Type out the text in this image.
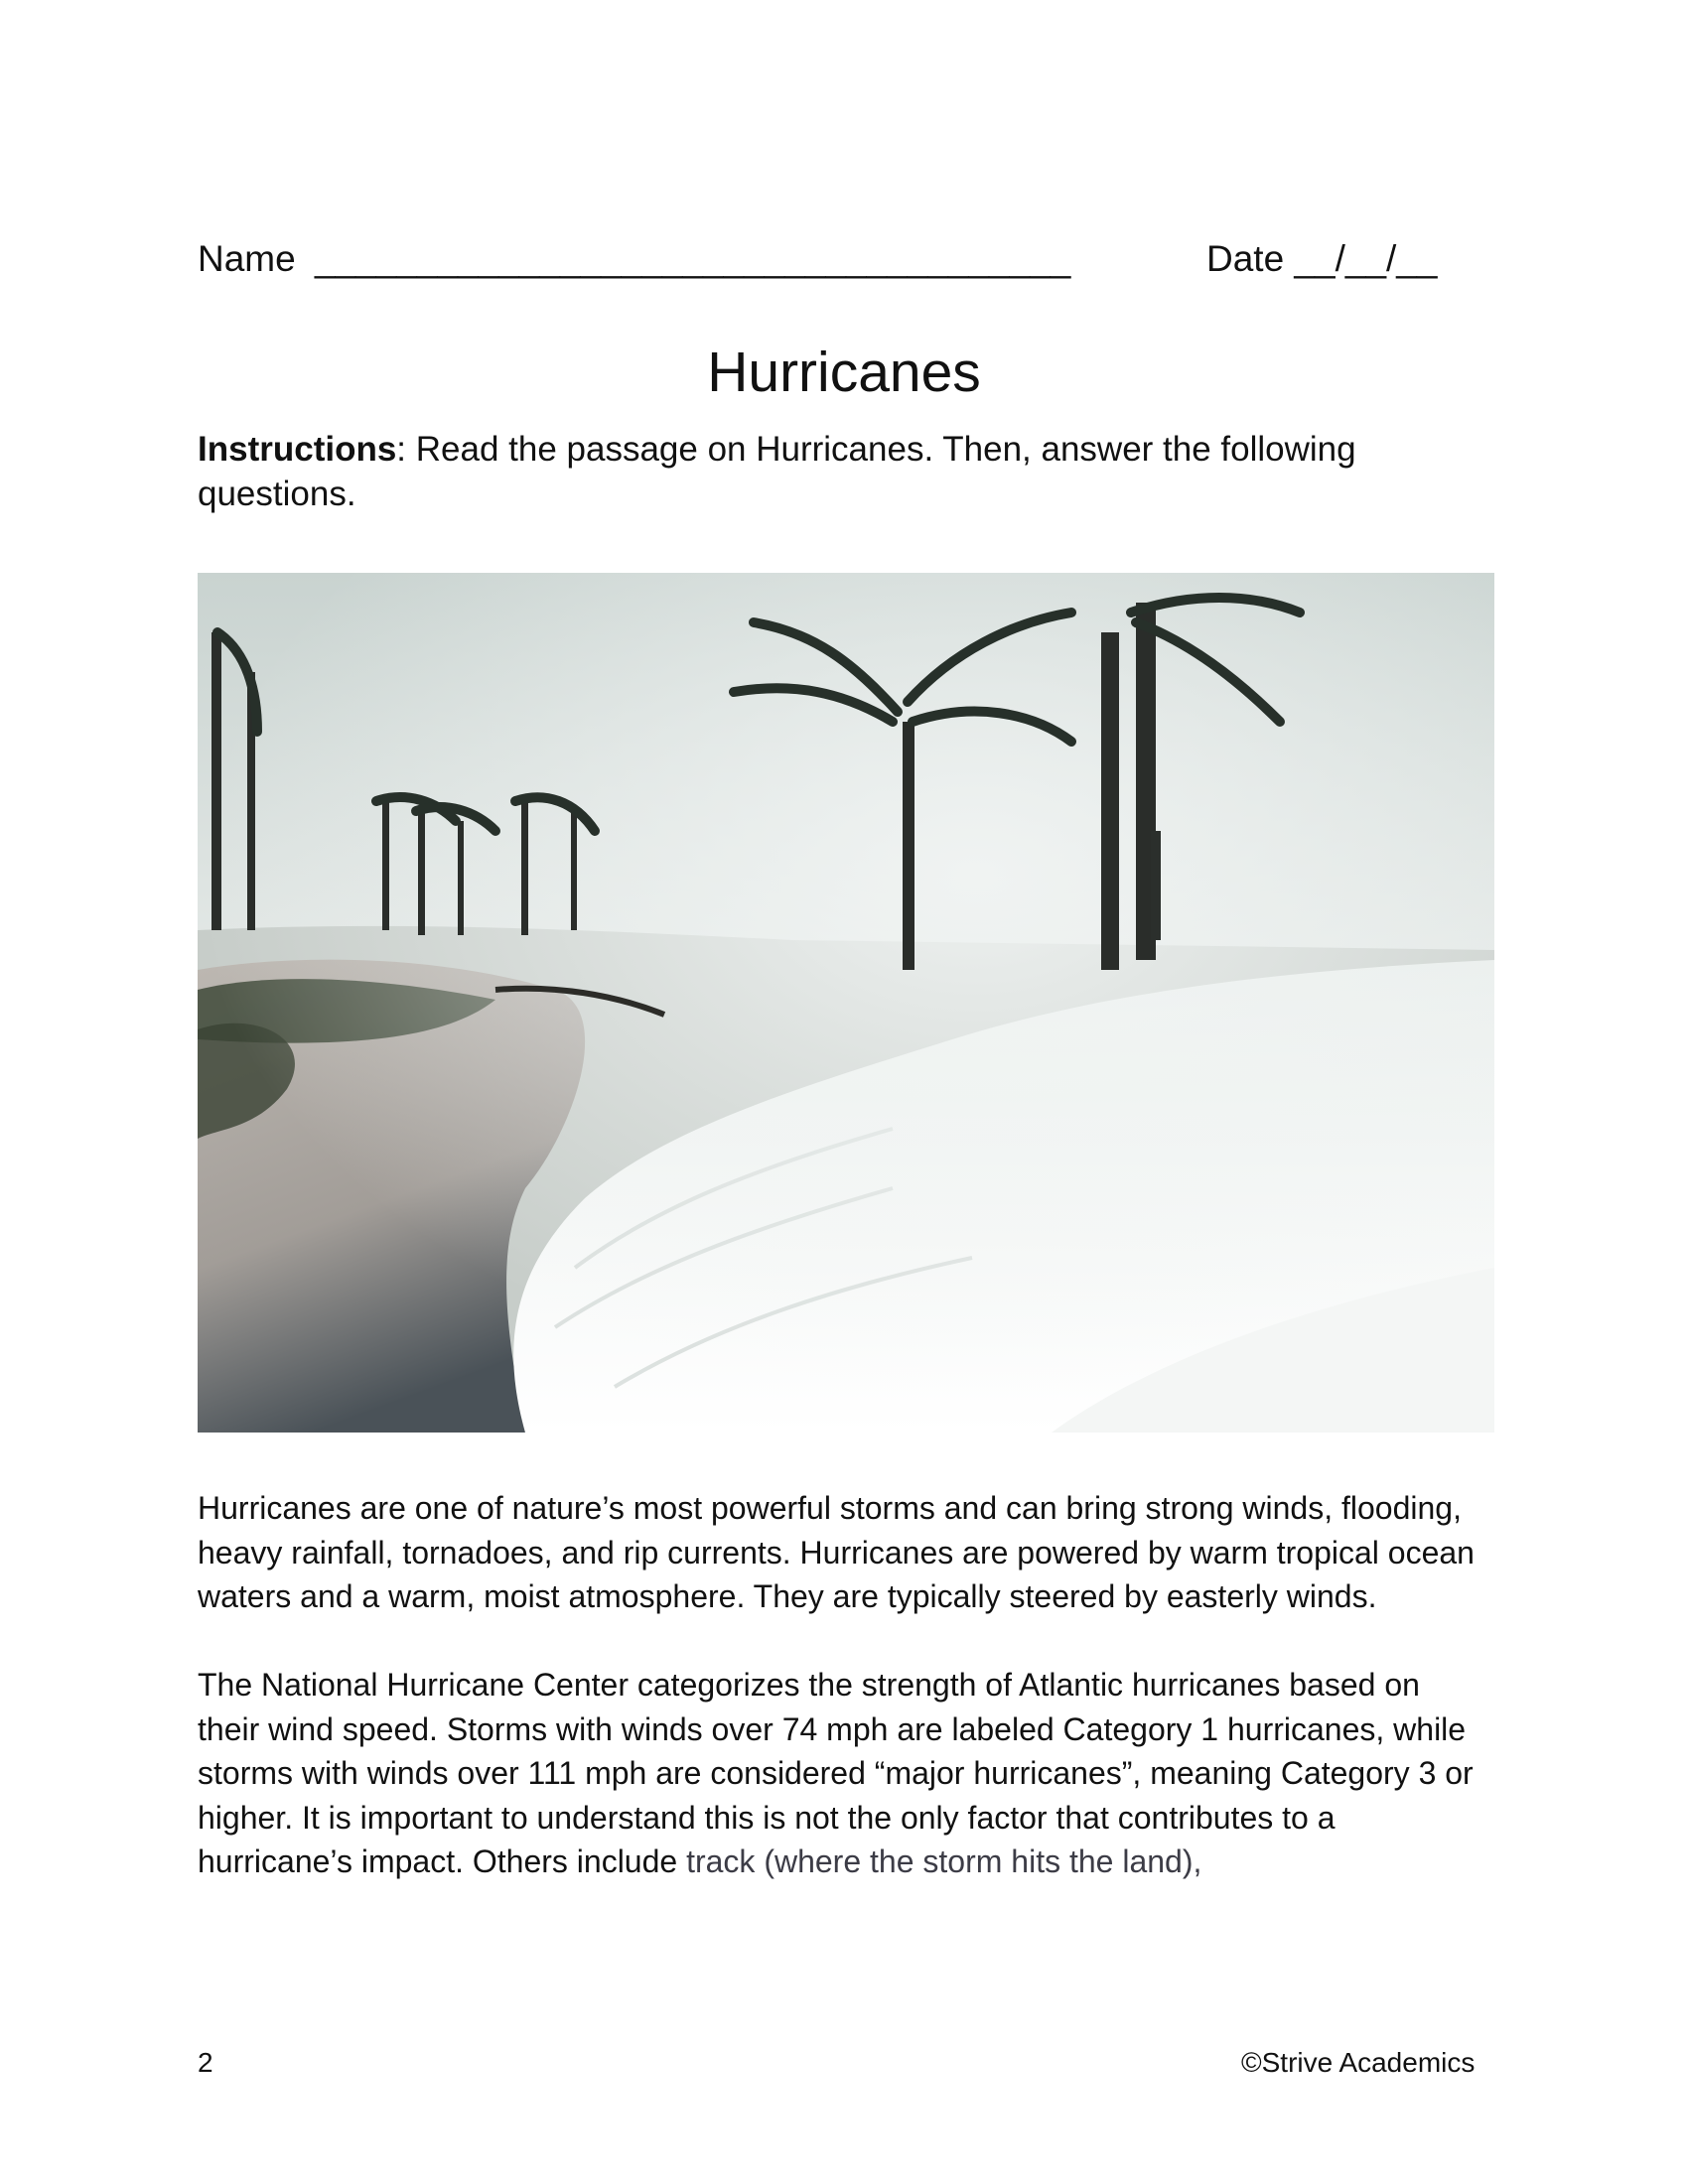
Name _____________________________________	Date __/__/__
Hurricanes
Instructions: Read the passage on Hurricanes. Then, answer the following questions.

Hurricanes are one of nature’s most powerful storms and can bring strong winds, flooding, heavy rainfall, tornadoes, and rip currents. Hurricanes are powered by warm tropical ocean waters and a warm, moist atmosphere. They are typically steered by easterly winds.

The National Hurricane Center categorizes the strength of Atlantic hurricanes based on their wind speed. Storms with winds over 74 mph are labeled Category 1 hurricanes, while storms with winds over 111 mph are considered “major hurricanes”, meaning Category 3 or higher. It is important to understand this is not the only factor that contributes to a hurricane’s impact. Others include track (where the storm hits the land),

2	©Strive Academics
